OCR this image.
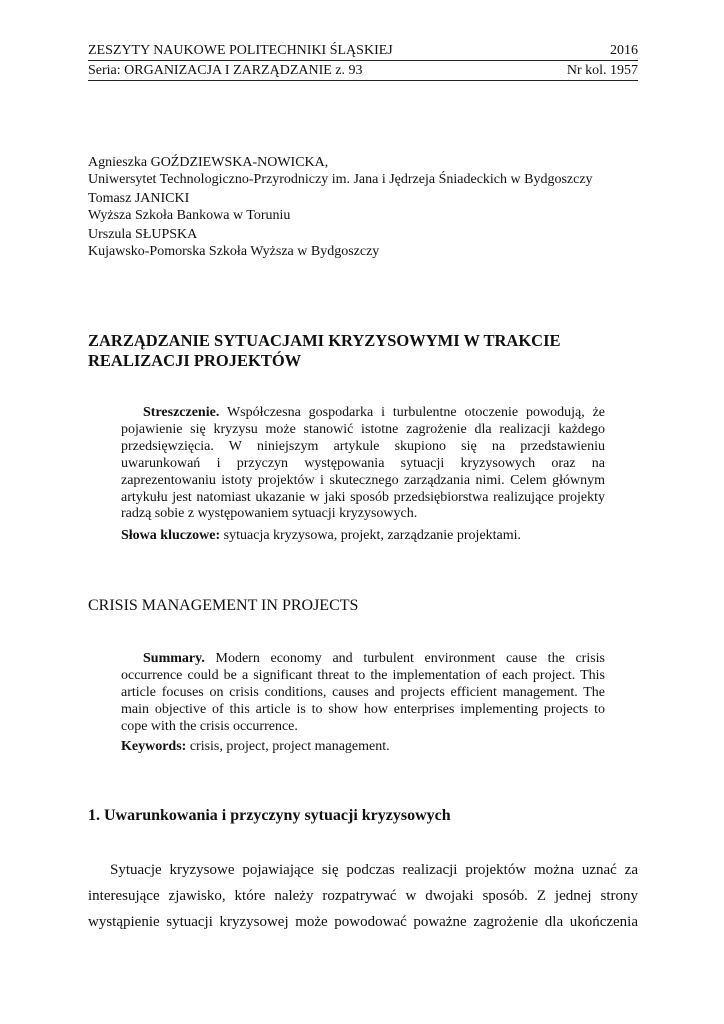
ZESZYTY NAUKOWE POLITECHNIKI ŚLĄSKIEJ	2016
Seria: ORGANIZACJA I ZARZĄDZANIE z. 93	Nr kol. 1957
Agnieszka GOŹDZIEWSKA-NOWICKA,
Uniwersytet Technologiczno-Przyrodniczy im. Jana i Jędrzeja Śniadeckich w Bydgoszczy
Tomasz JANICKI
Wyższa Szkoła Bankowa w Toruniu
Urszula SŁUPSKA
Kujawsko-Pomorska Szkoła Wyższa w Bydgoszczy
ZARZĄDZANIE SYTUACJAMI KRYZYSOWYMI W TRAKCIE
REALIZACJI PROJEKTÓW

Streszczenie. Współczesna gospodarka i turbulentne otoczenie powodują, że pojawienie się kryzysu może stanowić istotne zagrożenie dla realizacji każdego przedsięwzięcia. W niniejszym artykule skupiono się na przedstawieniu uwarunkowań i przyczyn występowania sytuacji kryzysowych oraz na zaprezentowaniu istoty projektów i skutecznego zarządzania nimi. Celem głównym artykułu jest natomiast ukazanie w jaki sposób przedsiębiorstwa realizujące projekty radzą sobie z występowaniem sytuacji kryzysowych.

Słowa kluczowe: sytuacja kryzysowa, projekt, zarządzanie projektami.
CRISIS MANAGEMENT IN PROJECTS

Summary. Modern economy and turbulent environment cause the crisis occurrence could be a significant threat to the implementation of each project. This article focuses on crisis conditions, causes and projects efficient management. The main objective of this article is to show how enterprises implementing projects to cope with the crisis occurrence.

Keywords: crisis, project, project management.
1. Uwarunkowania i przyczyny sytuacji kryzysowych
Sytuacje kryzysowe pojawiające się podczas realizacji projektów można uznać za
interesujące zjawisko, które należy rozpatrywać w dwojaki sposób. Z jednej strony
wystąpienie sytuacji kryzysowej może powodować poważne zagrożenie dla ukończenia
